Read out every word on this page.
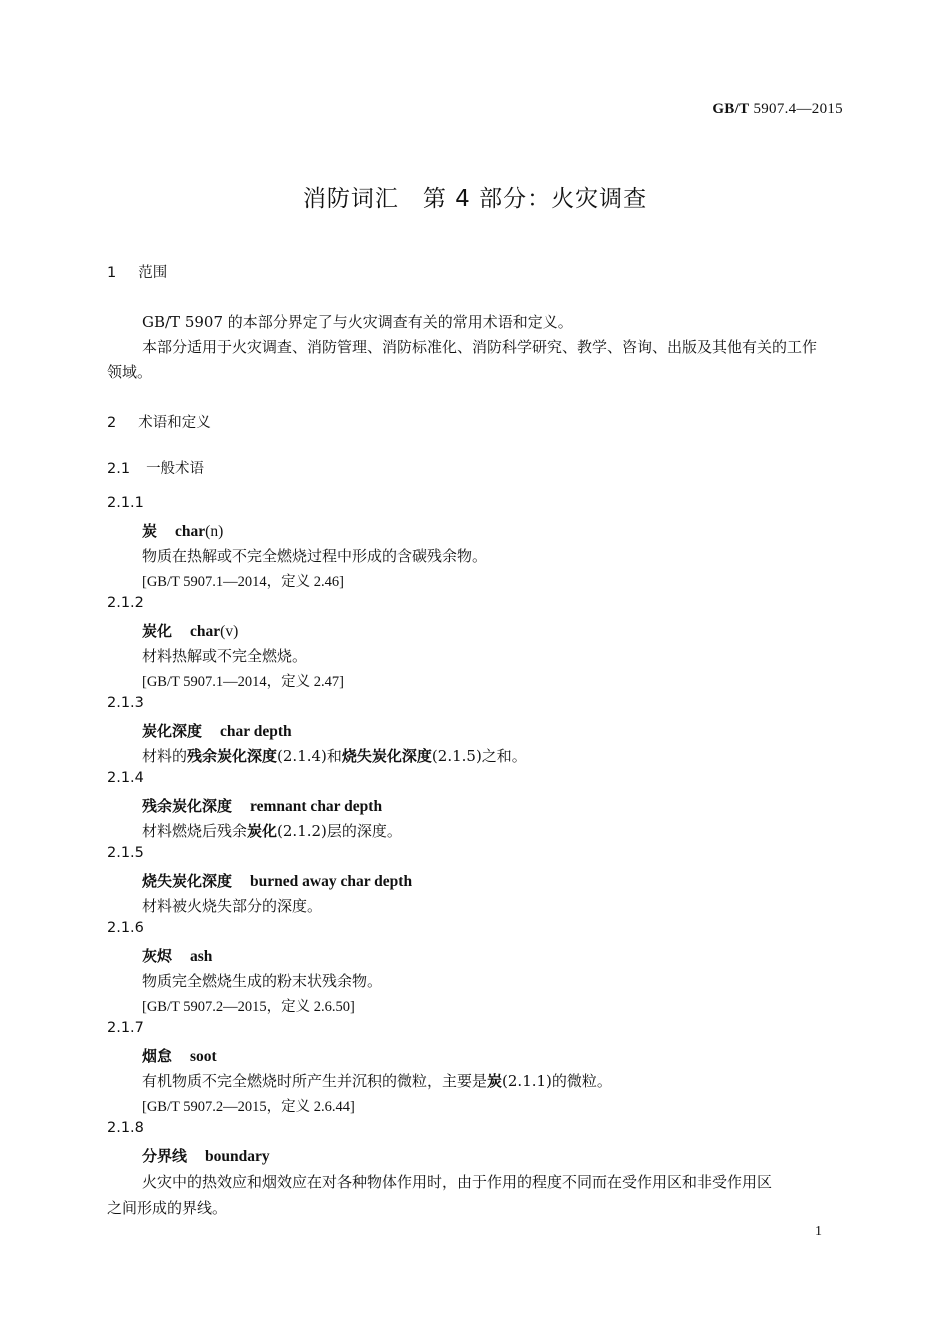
GB/T 5907.4—2015
消防词汇　第 4 部分：火灾调查
1 范围
GB/T 5907 的本部分界定了与火灾调查有关的常用术语和定义。
本部分适用于火灾调查、消防管理、消防标准化、消防科学研究、教学、咨询、出版及其他有关的工作
领域。
2 术语和定义
2.1 一般术语
2.1.1
炭 char(n)
物质在热解或不完全燃烧过程中形成的含碳残余物。
[GB/T 5907.1—2014，定义 2.46]
2.1.2
炭化 char(v)
材料热解或不完全燃烧。
[GB/T 5907.1—2014，定义 2.47]
2.1.3
炭化深度 char depth
材料的残余炭化深度(2.1.4)和烧失炭化深度(2.1.5)之和。
2.1.4
残余炭化深度 remnant char depth
材料燃烧后残余炭化(2.1.2)层的深度。
2.1.5
烧失炭化深度 burned away char depth
材料被火烧失部分的深度。
2.1.6
灰烬 ash
物质完全燃烧生成的粉末状残余物。
[GB/T 5907.2—2015，定义 2.6.50]
2.1.7
烟怠 soot
有机物质不完全燃烧时所产生并沉积的微粒，主要是炭(2.1.1)的微粒。
[GB/T 5907.2—2015，定义 2.6.44]
2.1.8
分界线 boundary
火灾中的热效应和烟效应在对各种物体作用时，由于作用的程度不同而在受作用区和非受作用区
之间形成的界线。
1
